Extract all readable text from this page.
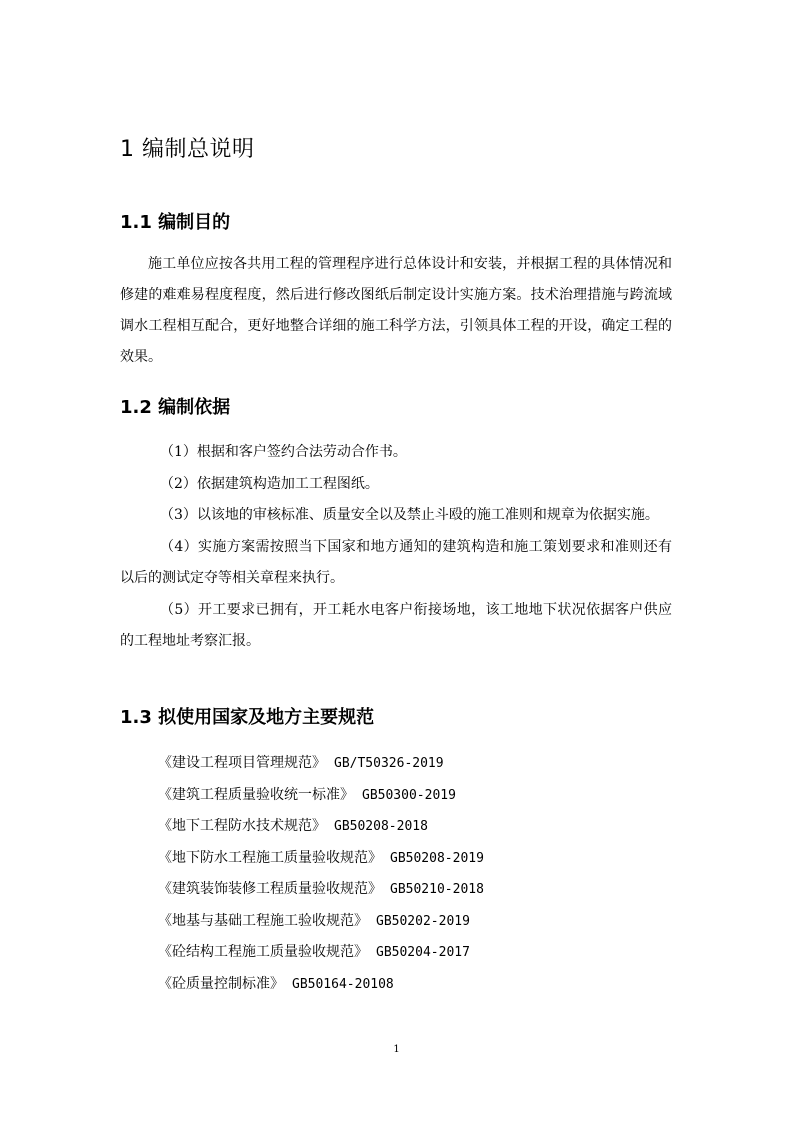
1 编制总说明
1.1 编制目的

施工单位应按各共用工程的管理程序进行总体设计和安装，并根据工程的具体情况和修建的难难易程度程度，然后进行修改图纸后制定设计实施方案。技术治理措施与跨流域调水工程相互配合，更好地整合详细的施工科学方法，引领具体工程的开设，确定工程的效果。

1.2 编制依据

（1）根据和客户签约合法劳动合作书。

（2）依据建筑构造加工工程图纸。

（3）以该地的审核标准、质量安全以及禁止斗殴的施工准则和规章为依据实施。

（4）实施方案需按照当下国家和地方通知的建筑构造和施工策划要求和准则还有以后的测试定夺等相关章程来执行。

（5）开工要求已拥有，开工耗水电客户衔接场地，该工地地下状况依据客户供应的工程地址考察汇报。

1.3 拟使用国家及地方主要规范

《建设工程项目管理规范》 GB/T50326-2019

《建筑工程质量验收统一标准》 GB50300-2019

《地下工程防水技术规范》 GB50208-2018

《地下防水工程施工质量验收规范》 GB50208-2019

《建筑装饰装修工程质量验收规范》 GB50210-2018

《地基与基础工程施工验收规范》 GB50202-2019

《砼结构工程施工质量验收规范》 GB50204-2017

《砼质量控制标准》 GB50164-20108

1
